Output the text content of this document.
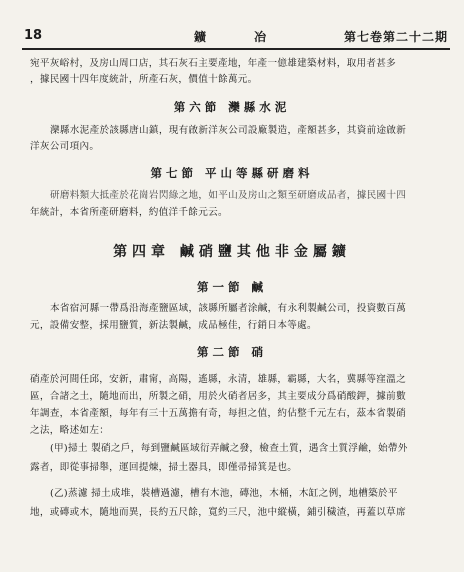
18	鑛 冶	第七卷第二十二期
宛平灰峪村，及房山周口店，其石灰石主要產地，年產一億雄建築材料，取用者甚多
，據民國十四年度統計，所產石灰，價值十餘萬元。
第六節 灤縣水泥
灤縣水泥產於該縣唐山鎮，現有啟新洋灰公司設廠製造，產額甚多，其資前途啟新
洋灰公司項內。
第七節 平山等縣研磨料
研磨料類大抵產於花崗岩閃綠之地，如平山及房山之類至研磨成品者，據民國十四
年統計，本省所產研磨料，約值洋千餘元云。
第四章 鹹硝鹽其他非金屬鑛
第一節 鹹
本省宿河縣一帶爲沿海產鹽區域，該縣所屬者涂鹹，有永利製鹹公司，投資數百萬
元，設備安整，採用鹽質，新法製鹹，成品極佳，行銷日本等處。
第二節 硝
硝產於河間任邱，安新，肅甯，高陽，遙縣，永清，雄縣，霸縣，大名，冀縣等窪溫之
區，合諸之土，隨地而出，所製之硝，用於火硝者居多，其主要成分爲硝酸鉀，據前數
年調查，本省產額，每年有三十五萬擔有奇，每担之值，約佔整千元左右，茲本省製硝
之法，略述如左：
(甲)掃土 製硝之戶，每到鹽鹹區域衍弄鹹之發，檢查土質，遇含土質浮鹼，始帶外
露者，即從事掃舉，運回提煉，掃土器具，即僅帚掃箕是也。
(乙)蒸濾 掃土成堆，裝槽過濾，槽有木池，磚池，木桶，木缸之例，地槽築於平
地，或磚或木，隨地而異，長約五尺餘，寬約三尺，池中縱橫，鋪引穢渣，再蓋以草席
